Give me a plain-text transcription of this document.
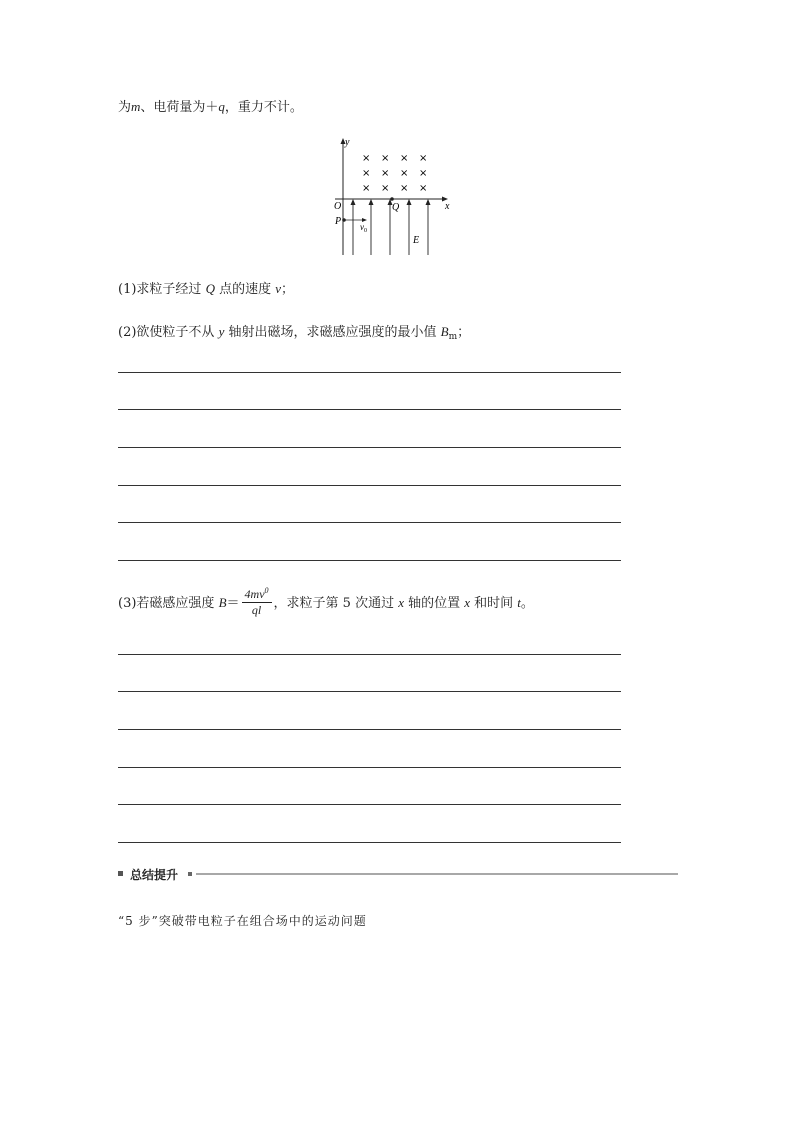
为m、电荷量为＋q，重力不计。
y
x
O
× × × ×
× × × ×
× × × ×
P $v_0$
Q
E
(1)求粒子经过 Q 点的速度 v；
(2)欲使粒子不从 y 轴射出磁场，求磁感应强度的最小值 $B_m$；
(3)若磁感应强度 $B= \frac{4mv^0}{ql}$ ，求粒子第 5 次通过 x 轴的位置 x 和时间 t。
总结提升
“5 步”突破带电粒子在组合场中的运动问题
